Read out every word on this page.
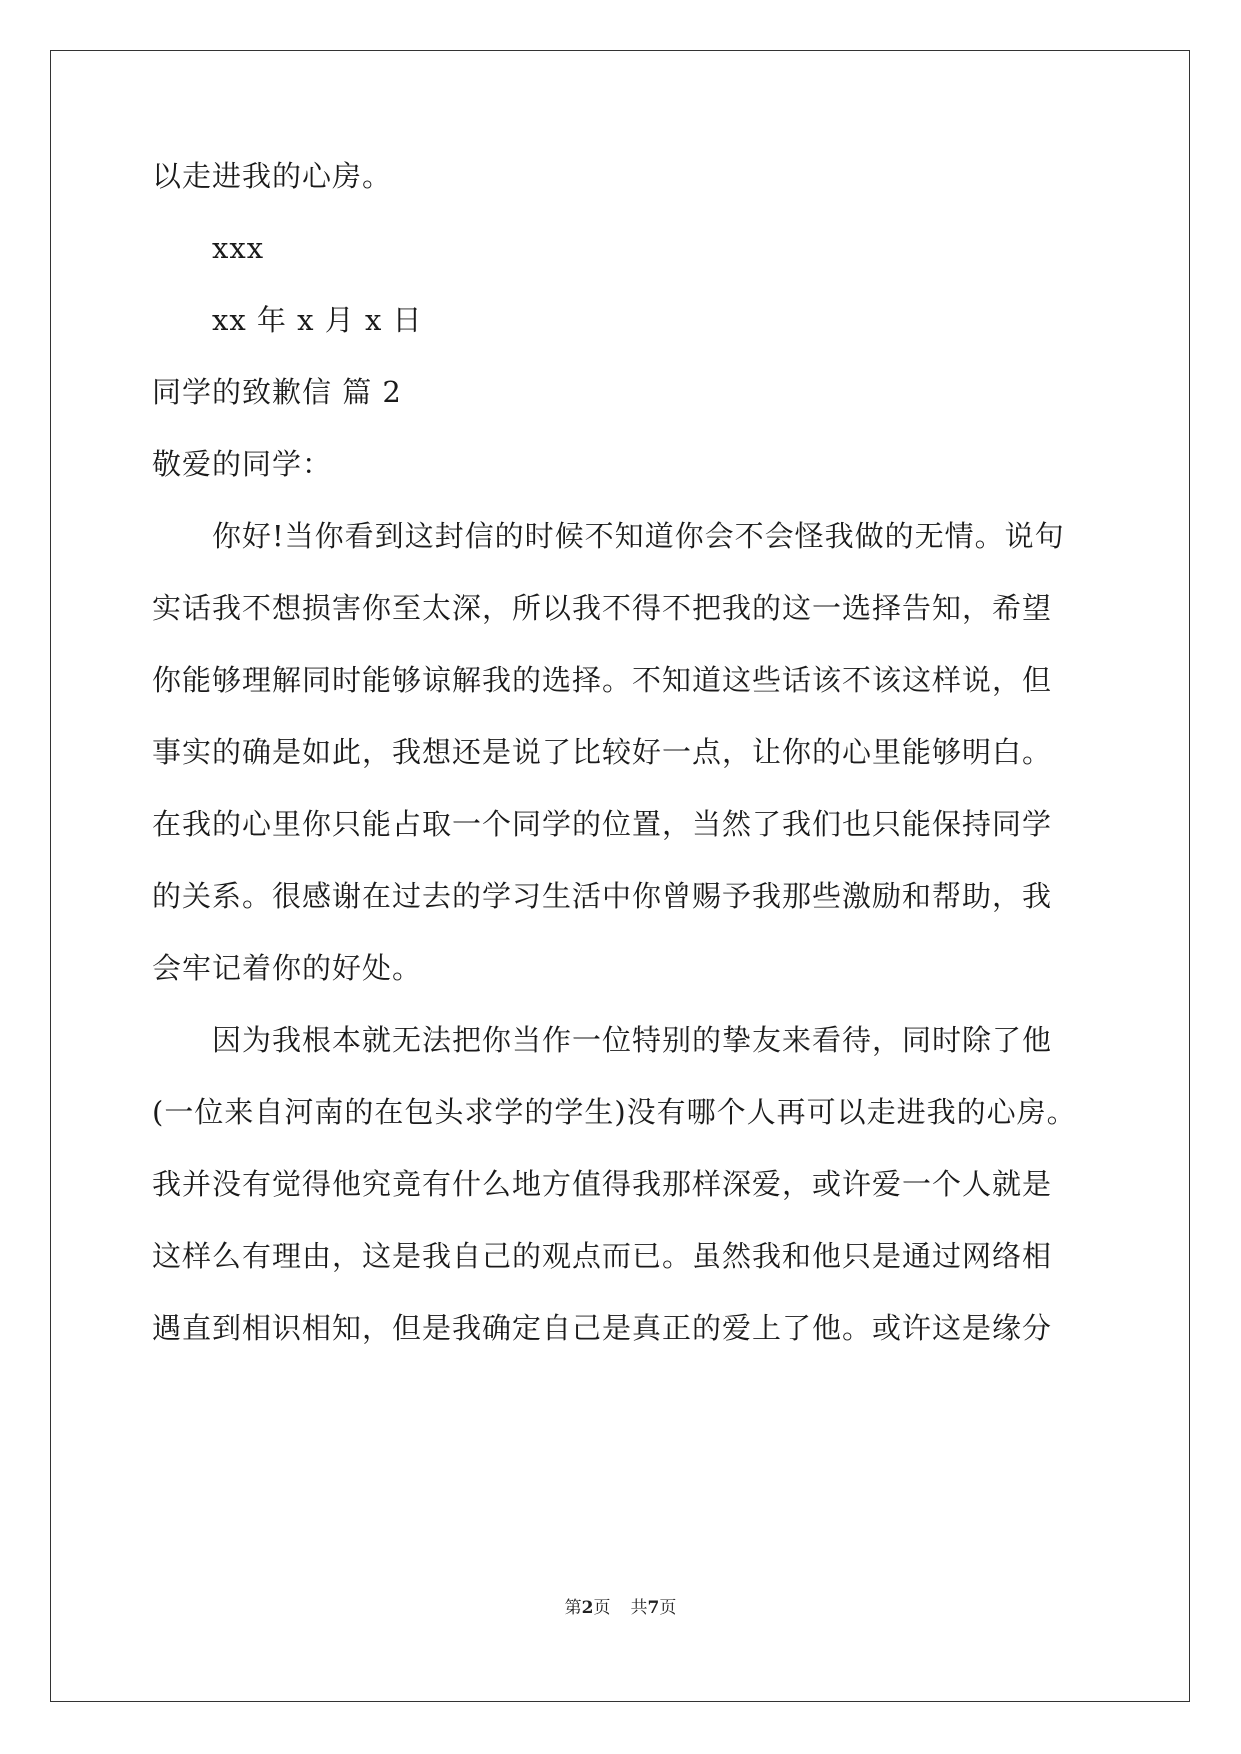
以走进我的心房。
xxx
xx 年 x 月 x 日
同学的致歉信 篇 2
敬爱的同学：
你好!当你看到这封信的时候不知道你会不会怪我做的无情。说句
实话我不想损害你至太深，所以我不得不把我的这一选择告知，希望
你能够理解同时能够谅解我的选择。不知道这些话该不该这样说，但
事实的确是如此，我想还是说了比较好一点，让你的心里能够明白。
在我的心里你只能占取一个同学的位置，当然了我们也只能保持同学
的关系。很感谢在过去的学习生活中你曾赐予我那些激励和帮助，我
会牢记着你的好处。
因为我根本就无法把你当作一位特别的挚友来看待，同时除了他
(一位来自河南的在包头求学的学生)没有哪个人再可以走进我的心房。
我并没有觉得他究竟有什么地方值得我那样深爱，或许爱一个人就是
这样么有理由，这是我自己的观点而已。虽然我和他只是通过网络相
遇直到相识相知，但是我确定自己是真正的爱上了他。或许这是缘分
第2页 共7页
